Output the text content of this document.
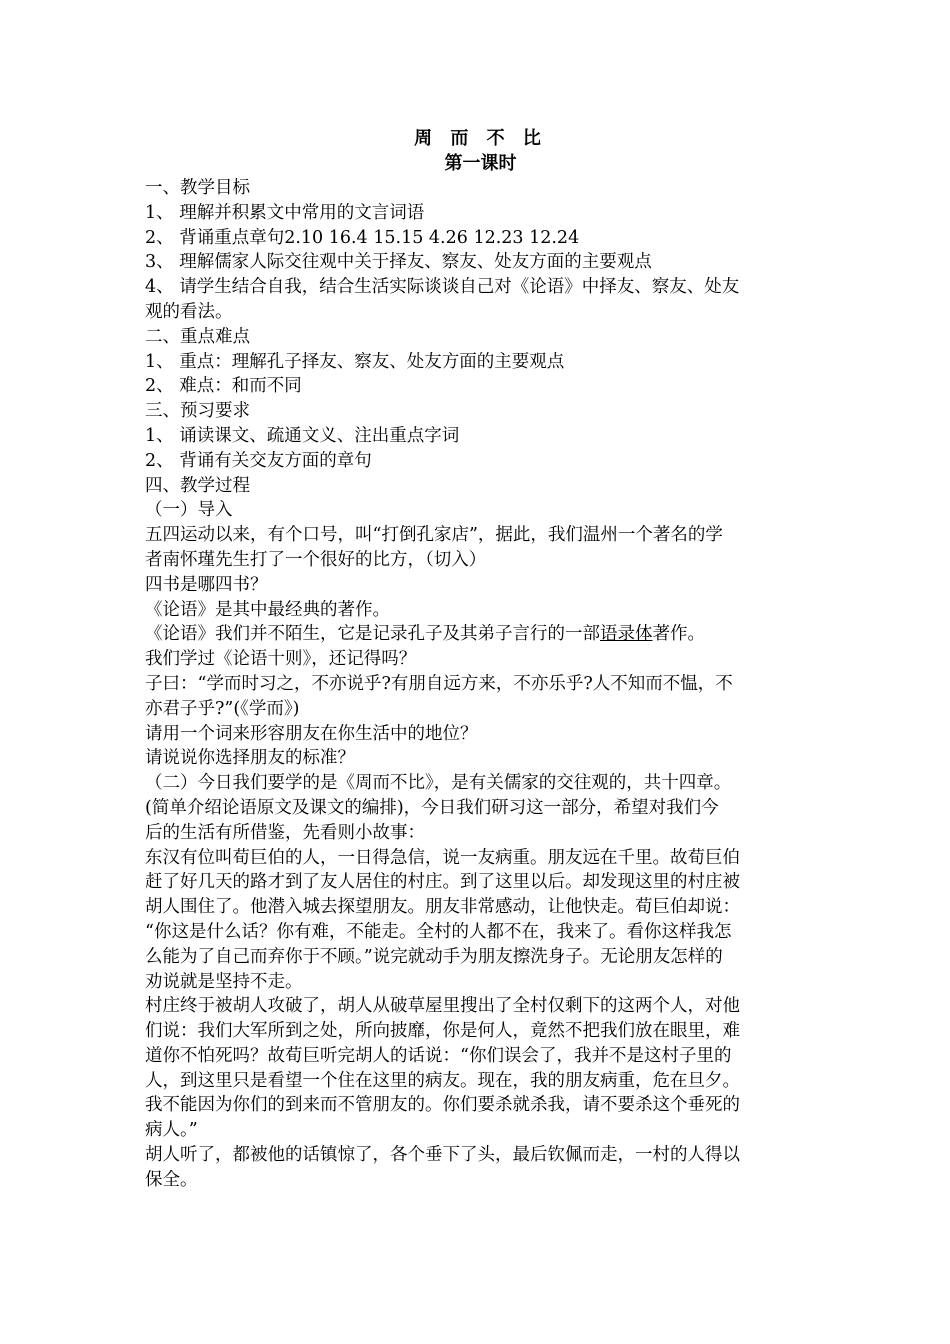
周 而 不 比
第一课时

一、教学目标

1、 理解并积累文中常用的文言词语

2、 背诵重点章句2.10 16.4 15.15 4.26 12.23 12.24

3、 理解儒家人际交往观中关于择友、察友、处友方面的主要观点

4、 请学生结合自我，结合生活实际谈谈自己对《论语》中择友、察友、处友

观的看法。

二、重点难点

1、 重点：理解孔子择友、察友、处友方面的主要观点

2、 难点：和而不同

三、预习要求

1、 诵读课文、疏通文义、注出重点字词

2、 背诵有关交友方面的章句

四、教学过程

（一）导入

五四运动以来，有个口号，叫“打倒孔家店”，据此，我们温州一个著名的学

者南怀瑾先生打了一个很好的比方，（切入）

四书是哪四书？

《论语》是其中最经典的著作。

《论语》我们并不陌生，它是记录孔子及其弟子言行的一部语录体著作。

我们学过《论语十则》，还记得吗？

子曰：“学而时习之，不亦说乎?有朋自远方来，不亦乐乎?人不知而不愠，不

亦君子乎?”(《学而》)

请用一个词来形容朋友在你生活中的地位？

请说说你选择朋友的标准？

（二）今日我们要学的是《周而不比》，是有关儒家的交往观的，共十四章。

(简单介绍论语原文及课文的编排)，今日我们研习这一部分，希望对我们今

后的生活有所借鉴，先看则小故事：

东汉有位叫荀巨伯的人，一日得急信，说一友病重。朋友远在千里。故荀巨伯

赶了好几天的路才到了友人居住的村庄。到了这里以后。却发现这里的村庄被

胡人围住了。他潜入城去探望朋友。朋友非常感动，让他快走。荀巨伯却说：

“你这是什么话？你有难，不能走。全村的人都不在，我来了。看你这样我怎

么能为了自己而弃你于不顾。”说完就动手为朋友擦洗身子。无论朋友怎样的

劝说就是坚持不走。

村庄终于被胡人攻破了，胡人从破草屋里搜出了全村仅剩下的这两个人，对他

们说：我们大军所到之处，所向披靡，你是何人，竟然不把我们放在眼里，难

道你不怕死吗？故荀巨听完胡人的话说：“你们误会了，我并不是这村子里的

人，到这里只是看望一个住在这里的病友。现在，我的朋友病重，危在旦夕。

我不能因为你们的到来而不管朋友的。你们要杀就杀我，请不要杀这个垂死的

病人。”

胡人听了，都被他的话镇惊了，各个垂下了头，最后钦佩而走，一村的人得以

保全。
